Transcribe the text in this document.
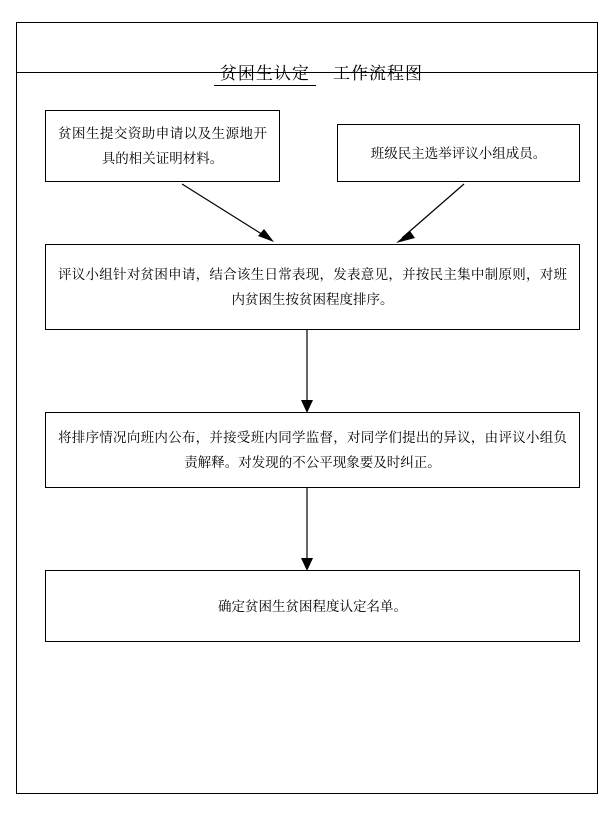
贫困生认定 工作流程图

贫困生提交资助申请以及生源地开具的相关证明材料。	班级民主选举评议小组成员。
评议小组针对贫困申请，结合该生日常表现，发表意见，并按民主集中制原则，对班内贫困生按贫困程度排序。
将排序情况向班内公布，并接受班内同学监督，对同学们提出的异议，由评议小组负责解释。对发现的不公平现象要及时纠正。
确定贫困生贫困程度认定名单。
